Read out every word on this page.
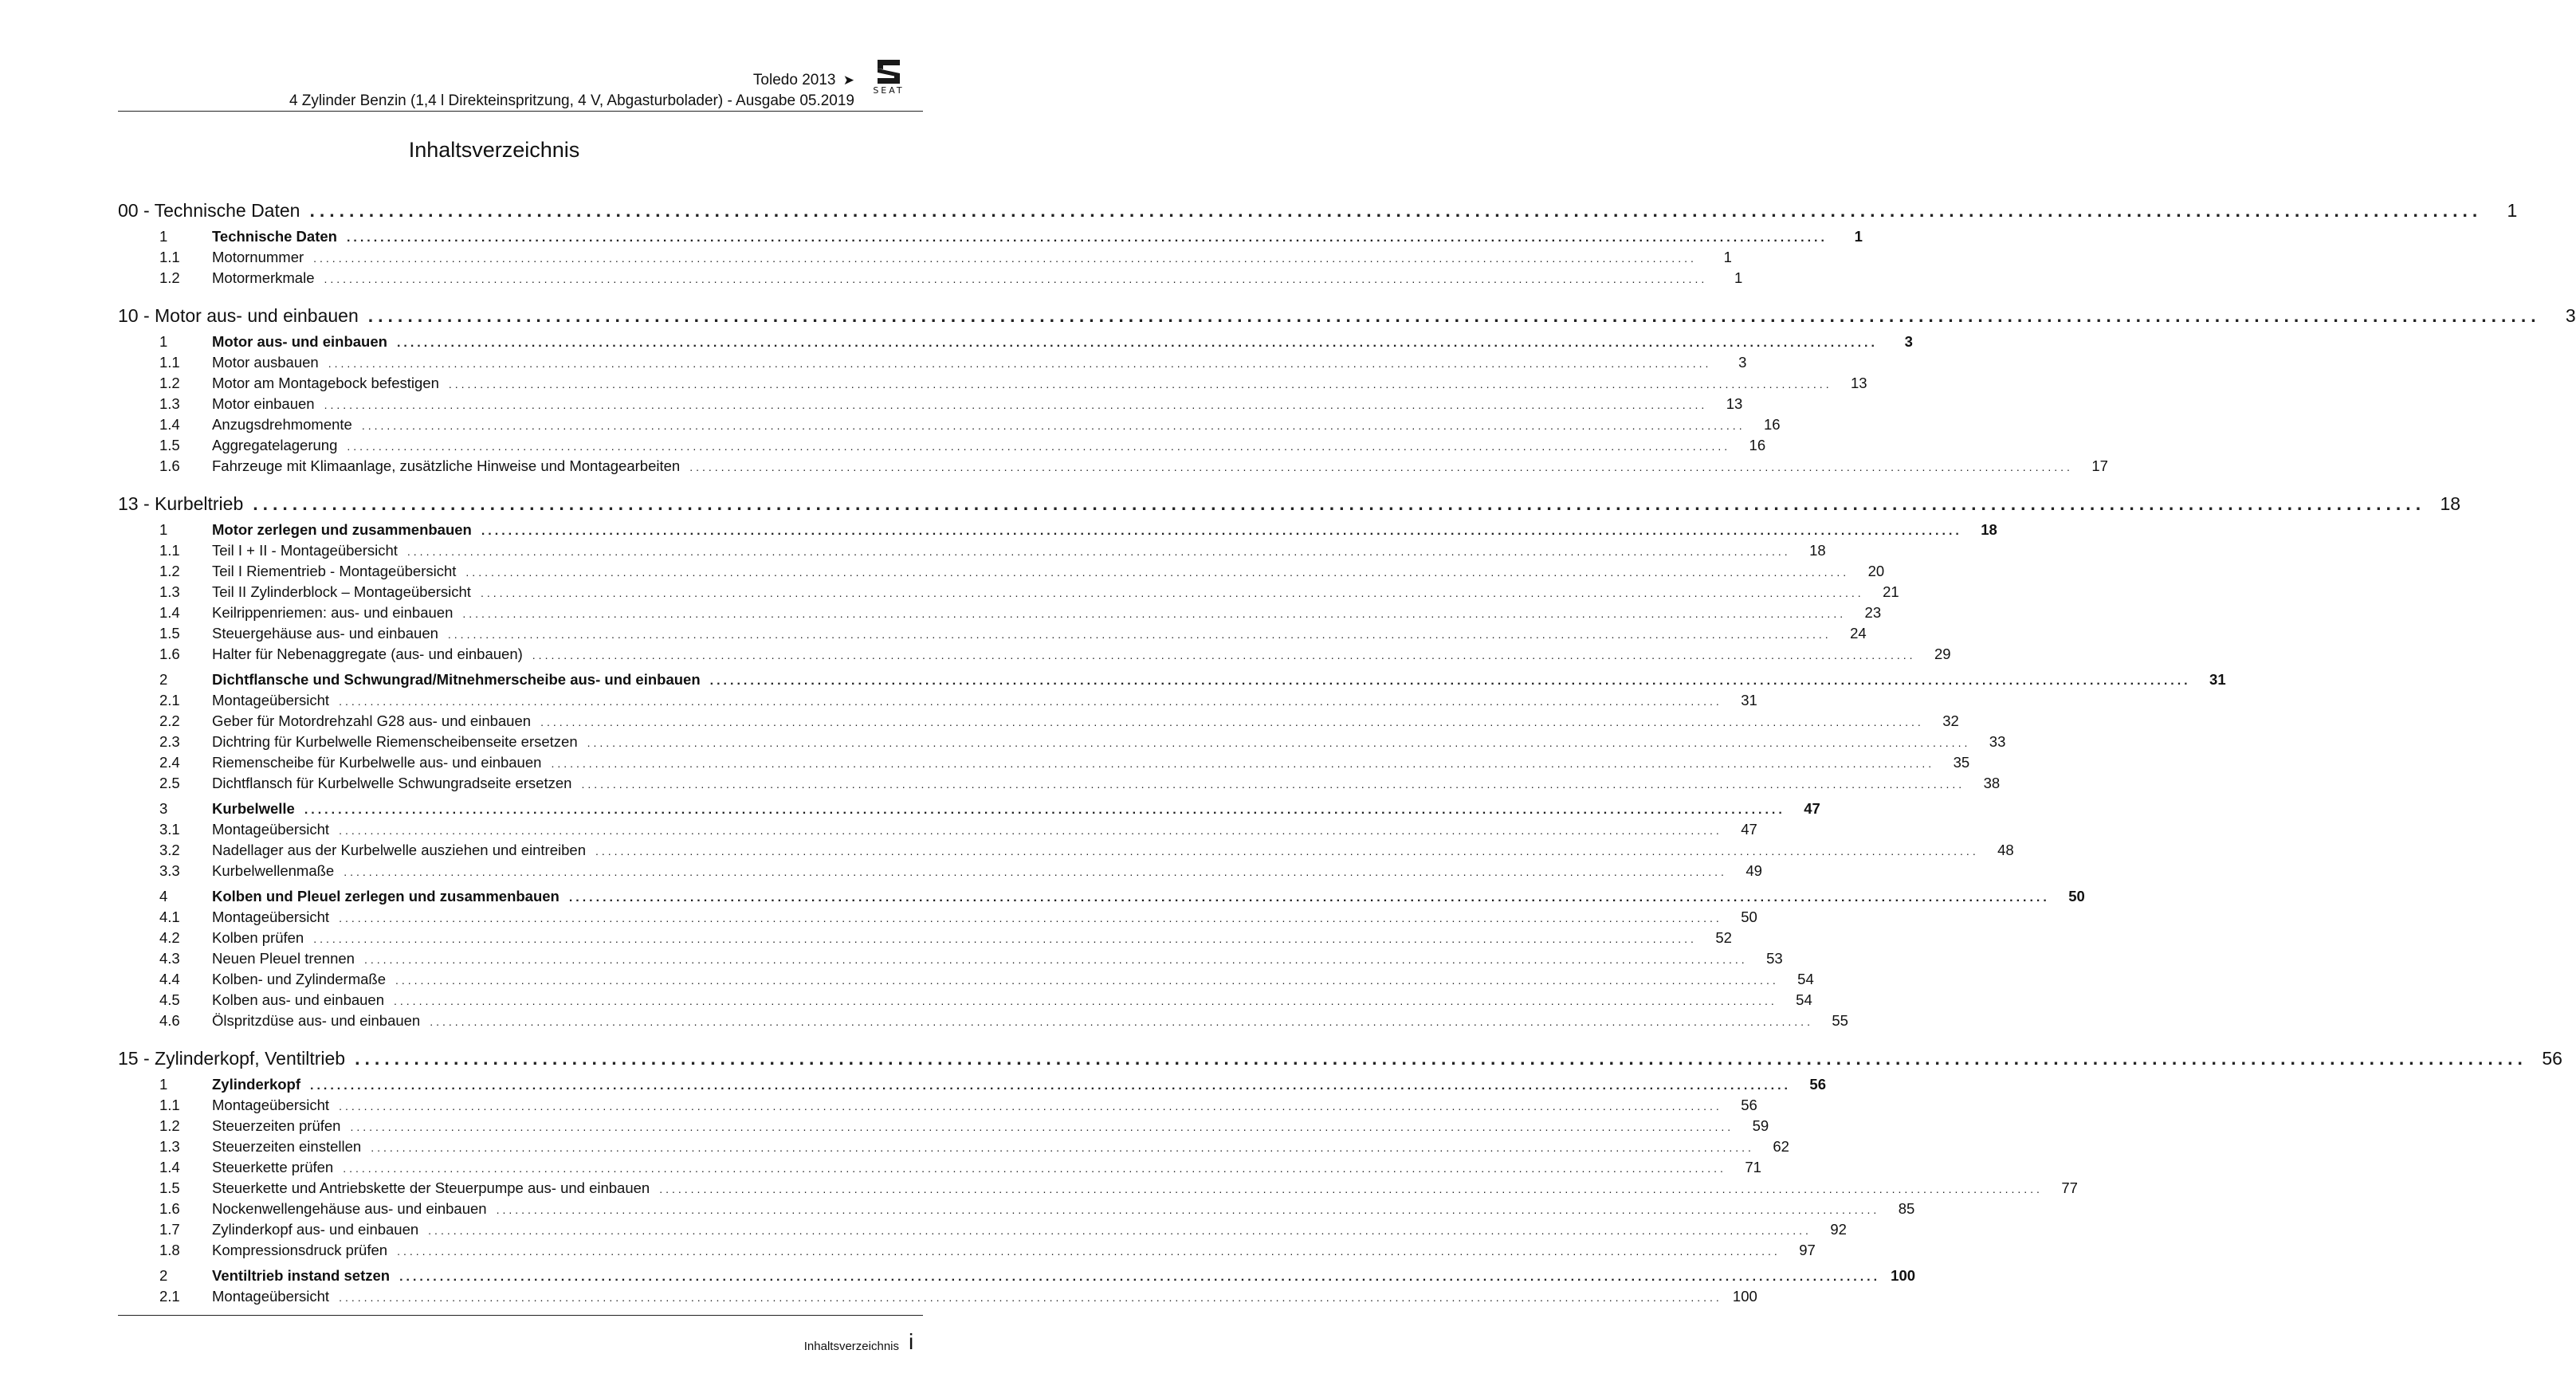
Toledo 2013 ➤
4 Zylinder Benzin (1,4 l Direkteinspritzung, 4 V, Abgasturbolader) - Ausgabe 05.2019
SEAT
Inhaltsverzeichnis
00 - Technische Daten ............................................................................................................................................................................................................................	1
1	Technische Daten ............................................................................................................................................................................................................................	1
1.1	Motornummer ............................................................................................................................................................................................................................	1
1.2	Motormerkmale ............................................................................................................................................................................................................................	1
10 - Motor aus- und einbauen ............................................................................................................................................................................................................................	3
1	Motor aus- und einbauen ............................................................................................................................................................................................................................	3
1.1	Motor ausbauen ............................................................................................................................................................................................................................	3
1.2	Motor am Montagebock befestigen ............................................................................................................................................................................................................................	13
1.3	Motor einbauen ............................................................................................................................................................................................................................	13
1.4	Anzugsdrehmomente ............................................................................................................................................................................................................................	16
1.5	Aggregatelagerung ............................................................................................................................................................................................................................	16
1.6	Fahrzeuge mit Klimaanlage, zusätzliche Hinweise und Montagearbeiten ............................................................................................................................................................................................................................	17
13 - Kurbeltrieb ............................................................................................................................................................................................................................ 18
1	Motor zerlegen und zusammenbauen ............................................................................................................................................................................................................................	18
1.1	Teil I + II - Montageübersicht ............................................................................................................................................................................................................................	18
1.2	Teil I Riementrieb - Montageübersicht ............................................................................................................................................................................................................................	20
1.3	Teil II Zylinderblock – Montageübersicht ............................................................................................................................................................................................................................	21
1.4	Keilrippenriemen: aus- und einbauen ............................................................................................................................................................................................................................	23
1.5	Steuergehäuse aus- und einbauen ............................................................................................................................................................................................................................	24
1.6	Halter für Nebenaggregate (aus- und einbauen) ............................................................................................................................................................................................................................	29
2	Dichtflansche und Schwungrad/Mitnehmerscheibe aus- und einbauen ............................................................................................................................................................................................................................	31
2.1	Montageübersicht ............................................................................................................................................................................................................................	31
2.2	Geber für Motordrehzahl G28 aus- und einbauen ............................................................................................................................................................................................................................	32
2.3	Dichtring für Kurbelwelle Riemenscheibenseite ersetzen ............................................................................................................................................................................................................................	33
2.4	Riemenscheibe für Kurbelwelle aus- und einbauen ............................................................................................................................................................................................................................	35
2.5	Dichtflansch für Kurbelwelle Schwungradseite ersetzen ............................................................................................................................................................................................................................	38
3	Kurbelwelle ............................................................................................................................................................................................................................	47
3.1	Montageübersicht ............................................................................................................................................................................................................................	47
3.2	Nadellager aus der Kurbelwelle ausziehen und eintreiben ............................................................................................................................................................................................................................	48
3.3	Kurbelwellenmaße ............................................................................................................................................................................................................................	49
4	Kolben und Pleuel zerlegen und zusammenbauen ............................................................................................................................................................................................................................	50
4.1	Montageübersicht ............................................................................................................................................................................................................................	50
4.2	Kolben prüfen ............................................................................................................................................................................................................................	52
4.3	Neuen Pleuel trennen ............................................................................................................................................................................................................................	53
4.4	Kolben- und Zylindermaße ............................................................................................................................................................................................................................	54
4.5	Kolben aus- und einbauen ............................................................................................................................................................................................................................	54
4.6	Ölspritzdüse aus- und einbauen ............................................................................................................................................................................................................................	55
15 - Zylinderkopf, Ventiltrieb ............................................................................................................................................................................................................................ 56
1	Zylinderkopf ............................................................................................................................................................................................................................	56
1.1	Montageübersicht ............................................................................................................................................................................................................................	56
1.2	Steuerzeiten prüfen ............................................................................................................................................................................................................................	59
1.3	Steuerzeiten einstellen ............................................................................................................................................................................................................................	62
1.4	Steuerkette prüfen ............................................................................................................................................................................................................................	71
1.5	Steuerkette und Antriebskette der Steuerpumpe aus- und einbauen ............................................................................................................................................................................................................................	77
1.6	Nockenwellengehäuse aus- und einbauen ............................................................................................................................................................................................................................	85
1.7	Zylinderkopf aus- und einbauen ............................................................................................................................................................................................................................	92
1.8	Kompressionsdruck prüfen ............................................................................................................................................................................................................................	97
2	Ventiltrieb instand setzen ............................................................................................................................................................................................................................ 100
2.1	Montageübersicht ............................................................................................................................................................................................................................ 100
Inhaltsverzeichnis i
